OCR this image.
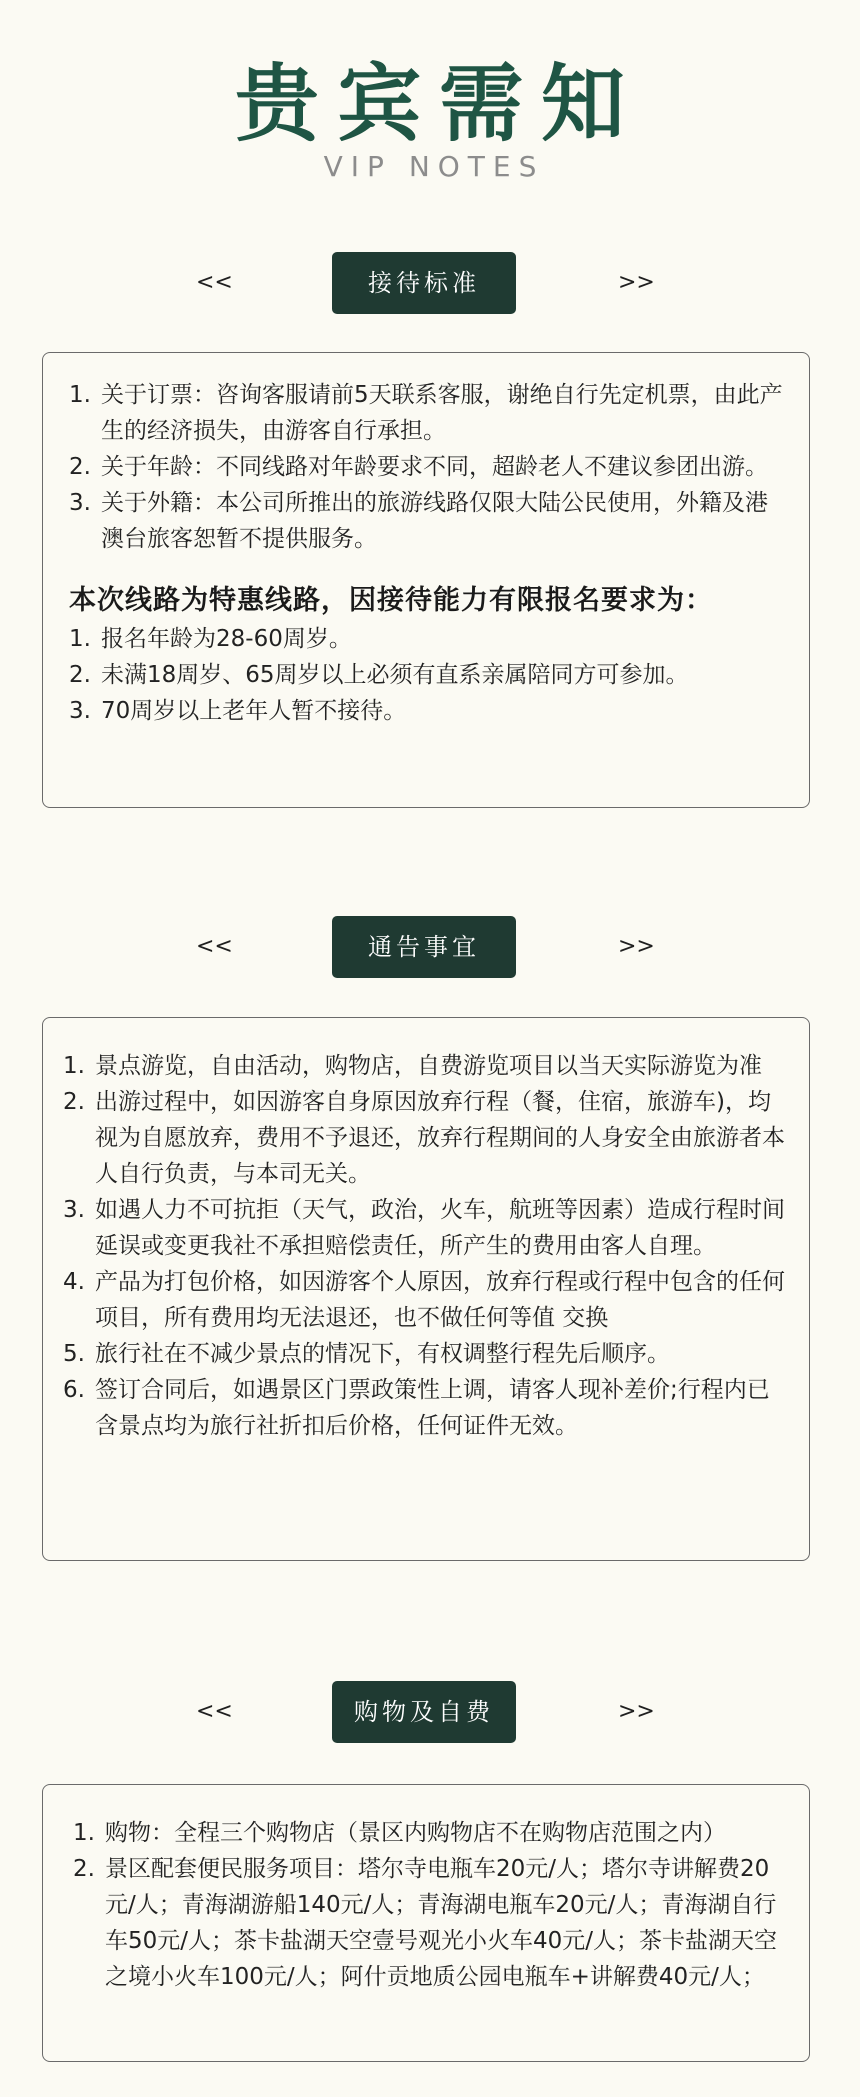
贵宾需知
VIP NOTES
<<	接待标准	>>
1. 关于订票：咨询客服请前5天联系客服，谢绝自行先定机票，由此产生的经济损失，由游客自行承担。
2. 关于年龄：不同线路对年龄要求不同，超龄老人不建议参团出游。
3. 关于外籍：本公司所推出的旅游线路仅限大陆公民使用，外籍及港澳台旅客恕暂不提供服务。
本次线路为特惠线路，因接待能力有限报名要求为：
1. 报名年龄为28-60周岁。
2. 未满18周岁、65周岁以上必须有直系亲属陪同方可参加。
3. 70周岁以上老年人暂不接待。
<<	通告事宜	>>
1. 景点游览，自由活动，购物店，自费游览项目以当天实际游览为准
2. 出游过程中，如因游客自身原因放弃行程（餐，住宿，旅游车)，均视为自愿放弃，费用不予退还，放弃行程期间的人身安全由旅游者本人自行负责，与本司无关。
3. 如遇人力不可抗拒（天气，政治，火车，航班等因素）造成行程时间延误或变更我社不承担赔偿责任，所产生的费用由客人自理。
4. 产品为打包价格，如因游客个人原因，放弃行程或行程中包含的任何项目，所有费用均无法退还，也不做任何等值 交换
5. 旅行社在不减少景点的情况下，有权调整行程先后顺序。
6. 签订合同后，如遇景区门票政策性上调，请客人现补差价;行程内已含景点均为旅行社折扣后价格，任何证件无效。
<<	购物及自费	>>
1. 购物：全程三个购物店（景区内购物店不在购物店范围之内）
2. 景区配套便民服务项目：塔尔寺电瓶车20元/人；塔尔寺讲解费20元/人；青海湖游船140元/人；青海湖电瓶车20元/人；青海湖自行车50元/人；茶卡盐湖天空壹号观光小火车40元/人；茶卡盐湖天空之境小火车100元/人；阿什贡地质公园电瓶车+讲解费40元/人；
